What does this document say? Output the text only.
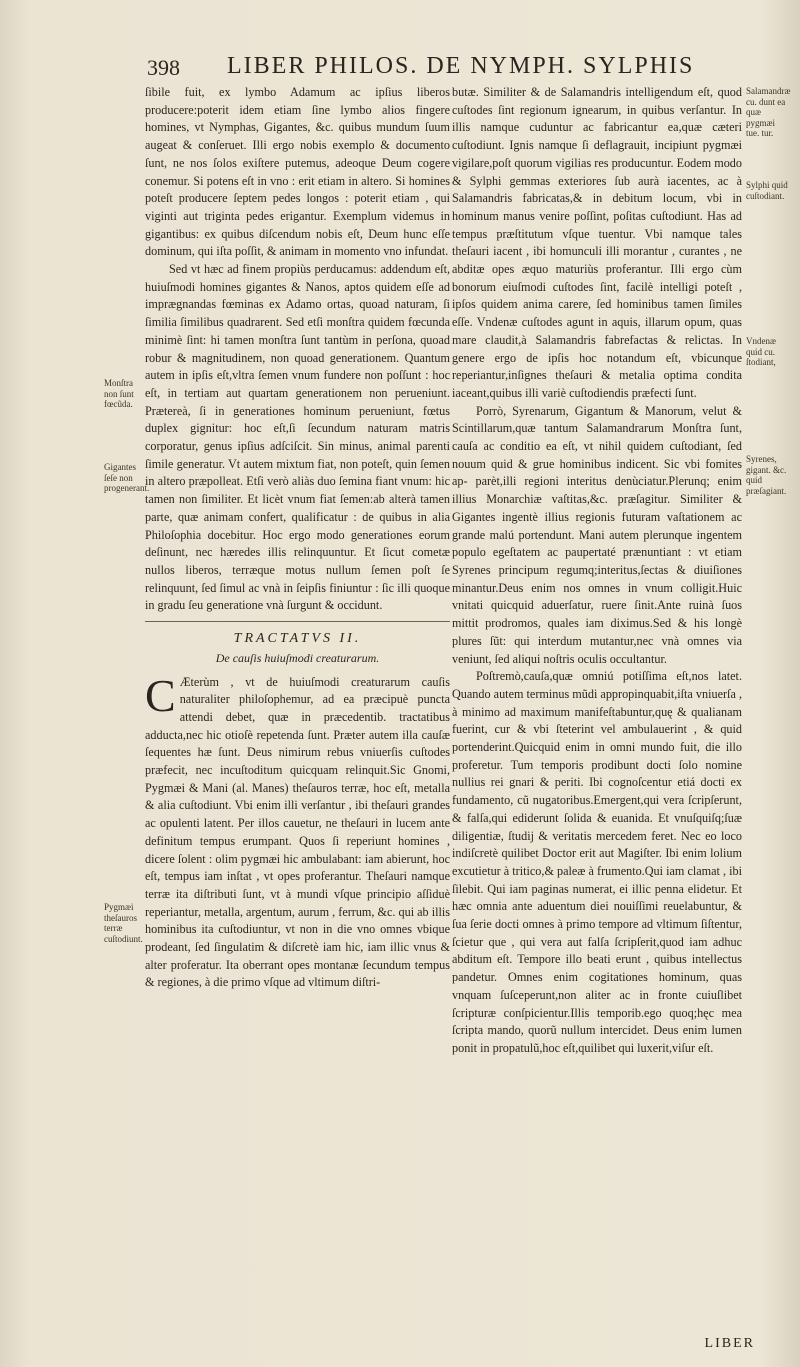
398 LIBER PHILOS. DE NYMPH. SYLPHIS
Monſtra non ſunt fœcũda.
Gigantes ſeſe non progenerant.
Pygmæi theſauros terræ cuſtodiunt.
Salamandræ cu. dunt ea quæ pygmæi tue. tur.
Sylphi quid cuſtodiant.
Vndenæ quid cu. ſtodiant,
Syrenes, gigant. &c. quid præſagiant.

ſibile fuit, ex lymbo Adamum ac ipſius liberos producere:poterit idem etiam ſine lymbo alios fingere homines, vt Nymphas, Gigantes, &c. quibus mundum ſuum augeat & conſeruet. Illi ergo nobis exemplo & documento ſunt, ne nos ſolos exiſtere putemus, adeoque Deum cogere conemur. Si potens eſt in vno : erit etiam in altero. Si homines poteſt producere ſeptem pedes longos : poterit etiam , qui viginti aut triginta pedes erigantur. Exemplum videmus in gigantibus: ex quibus diſcendum nobis eſt, Deum hunc eſſe dominum, qui iſta poſſit, & animam in momento vno infundat.

Sed vt hæc ad finem propiùs perducamus: addendum eſt, huiuſmodi homines gigantes & Nanos, aptos quidem eſſe ad imprægnandas fœminas ex Adamo ortas, quoad naturam, ſi ſimilia ſimilibus quadrarent. Sed etſi monſtra quidem fœcunda minimè ſint: hi tamen monſtra ſunt tantùm in perſona, quoad robur & magnitudinem, non quoad generationem. Quantum autem in ipſis eſt,vltra ſemen vnum fundere non poſſunt : hoc eſt, in tertiam aut quartam generationem non perueniunt. Prætereà, ſi in generationes hominum perueniunt, fœtus duplex gignitur: hoc eſt,ſi ſecundum naturam matris corporatur, genus ipſius adſciſcit. Sin minus, animal parenti ſimile generatur. Vt autem mixtum fiat, non poteſt, quin ſemen in altero præpolleat. Etſi verò aliàs duo ſemina fiant vnum: hic tamen non ſimiliter. Et licèt vnum fiat ſemen:ab alterà tamen parte, quæ animam confert, qualificatur : de quibus in alia Philoſophia docebitur. Hoc ergo modo generationes eorum deſinunt, nec hæredes illis relinquuntur. Et ſicut cometæ nullos liberos, terræque motus nullum ſemen poſt ſe relinquunt, ſed ſimul ac vnà in ſeipſis finiuntur : ſic illi quoque in gradu ſeu generatione vnà ſurgunt & occidunt.

TRACTATVS II.
De cauſis huiuſmodi creaturarum.

C Æterùm , vt de huiuſmodi creaturarum cauſis naturaliter philoſophemur, ad ea præcipuè puncta attendi debet, quæ in præcedentib. tractatibus adducta,nec hic otioſè repetenda ſunt. Præter autem illa cauſæ ſequentes hæ ſunt. Deus nimirum rebus vniuerſis cuſtodes præfecit, nec incuſtoditum quicquam relinquit.Sic Gnomi, Pygmæi & Mani (al. Manes) theſauros terræ, hoc eſt, metalla & alia cuſtodiunt. Vbi enim illi verſantur , ibi theſauri grandes ac opulenti latent. Per illos cauetur, ne theſauri in lucem ante definitum tempus erumpant. Quos ſi reperiunt homines , dicere ſolent : olim pygmæi hic ambulabant: iam abierunt, hoc eſt, tempus iam inſtat , vt opes proferantur. Theſauri namque terræ ita diſtributi ſunt, vt à mundi vſque principio aſſiduè reperiantur, metalla, argentum, aurum , ferrum, &c. qui ab illis hominibus ita cuſtodiuntur, vt non in die vno omnes vbique prodeant, ſed ſingulatim & diſcretè iam hic, iam illic vnus & alter proferatur. Ita oberrant opes montanæ ſecundum tempus & regiones, à die primo vſque ad vltimum diſtri-

butæ. Similiter & de Salamandris intelligendum eſt, quod cuſtodes ſint regionum ignearum, in quibus verſantur. In illis namque cuduntur ac fabricantur ea,quæ cæteri cuſtodiunt. Ignis namque ſi deflagrauit, incipiunt pygmæi vigilare,poſt quorum vigilias res producuntur. Eodem modo & Sylphi gemmas exteriores ſub aurà iacentes, ac à Salamandris fabricatas,& in debitum locum, vbi in hominum manus venire poſſint, poſitas cuſtodiunt. Has ad tempus præſtitutum vſque tuentur. Vbi namque tales theſauri iacent , ibi homunculi illi morantur , curantes , ne abditæ opes æquo maturiùs proferantur. Illi ergo cùm bonorum eiuſmodi cuſtodes ſint, facilè intelligi poteſt , ipſos quidem anima carere, ſed hominibus tamen ſimiles eſſe. Vndenæ cuſtodes agunt in aquis, illarum opum, quas mare claudit,à Salamandris fabrefactas & relictas. In genere ergo de ipſis hoc notandum eſt, vbicunque reperiantur,inſignes theſauri & metalia optima condita iaceant,quibus illi variè cuſtodiendis præfecti ſunt.

Porrò, Syrenarum, Gigantum & Manorum, velut & Scintillarum,quæ tantum Salamandrarum Monſtra ſunt, cauſa ac conditio ea eſt, vt nihil quidem cuſtodiant, ſed nouum quid & grue hominibus indicent. Sic vbi fomites ap- parèt,illi regioni interitus denùciatur.Plerunq; enim illius Monarchiæ vaſtitas,&c. præſagitur. Similiter & Gigantes ingentè illius regionis futuram vaſtationem ac grande malú portendunt. Mani autem plerunque ingentem populo egeſtatem ac paupertaté prænuntiant : vt etiam Syrenes principum regumq;interitus,ſectas & diuiſiones minantur.Deus enim nos omnes in vnum colligit.Huic vnitati quicquid aduerſatur, ruere ſinit.Ante ruinà ſuos mittit prodromos, quales iam diximus.Sed & his longè plures ſũt: qui interdum mutantur,nec vnà omnes via veniunt, ſed aliqui noſtris oculis occultantur.

Poſtremò,cauſa,quæ omniú potiſſima eſt,nos latet. Quando autem terminus mũdi appropinquabit,iſta vniuerſa , à minimo ad maximum manifeſtabuntur,quę & qualianam fuerint, cur & vbi ſteterint vel ambulauerint , & quid portenderint.Quicquid enim in omni mundo fuit, die illo proferetur. Tum temporis prodibunt docti ſolo nomine nullius rei gnari & periti. Ibi cognoſcentur etiá docti ex fundamento, cũ nugatoribus.Emergent,qui vera ſcripſerunt, & falſa,qui ediderunt ſolida & euanida. Et vnuſquiſq;ſuæ diligentiæ, ſtudij & veritatis mercedem feret. Nec eo loco indiſcretè quilibet Doctor erit aut Magiſter. Ibi enim lolium excutietur à tritico,& paleæ à frumento.Qui iam clamat , ibi ſilebit. Qui iam paginas numerat, ei illic penna elidetur. Et hæc omnia ante aduentum diei nouiſſimi reuelabuntur, & ſua ſerie docti omnes à primo tempore ad vltimum ſiſtentur, ſcietur que , qui vera aut falſa ſcripſerit,quod iam adhuc abditum eſt. Tempore illo beati erunt , quibus intellectus pandetur. Omnes enim cogitationes hominum, quas vnquam ſuſceperunt,non aliter ac in fronte cuiuſlibet ſcripturæ conſpicientur.Illis temporib.ego quoq;hęc mea ſcripta mando, quorũ nullum intercidet. Deus enim lumen ponit in propatulũ,hoc eſt,quilibet qui luxerit,viſur eſt.

LIBER
